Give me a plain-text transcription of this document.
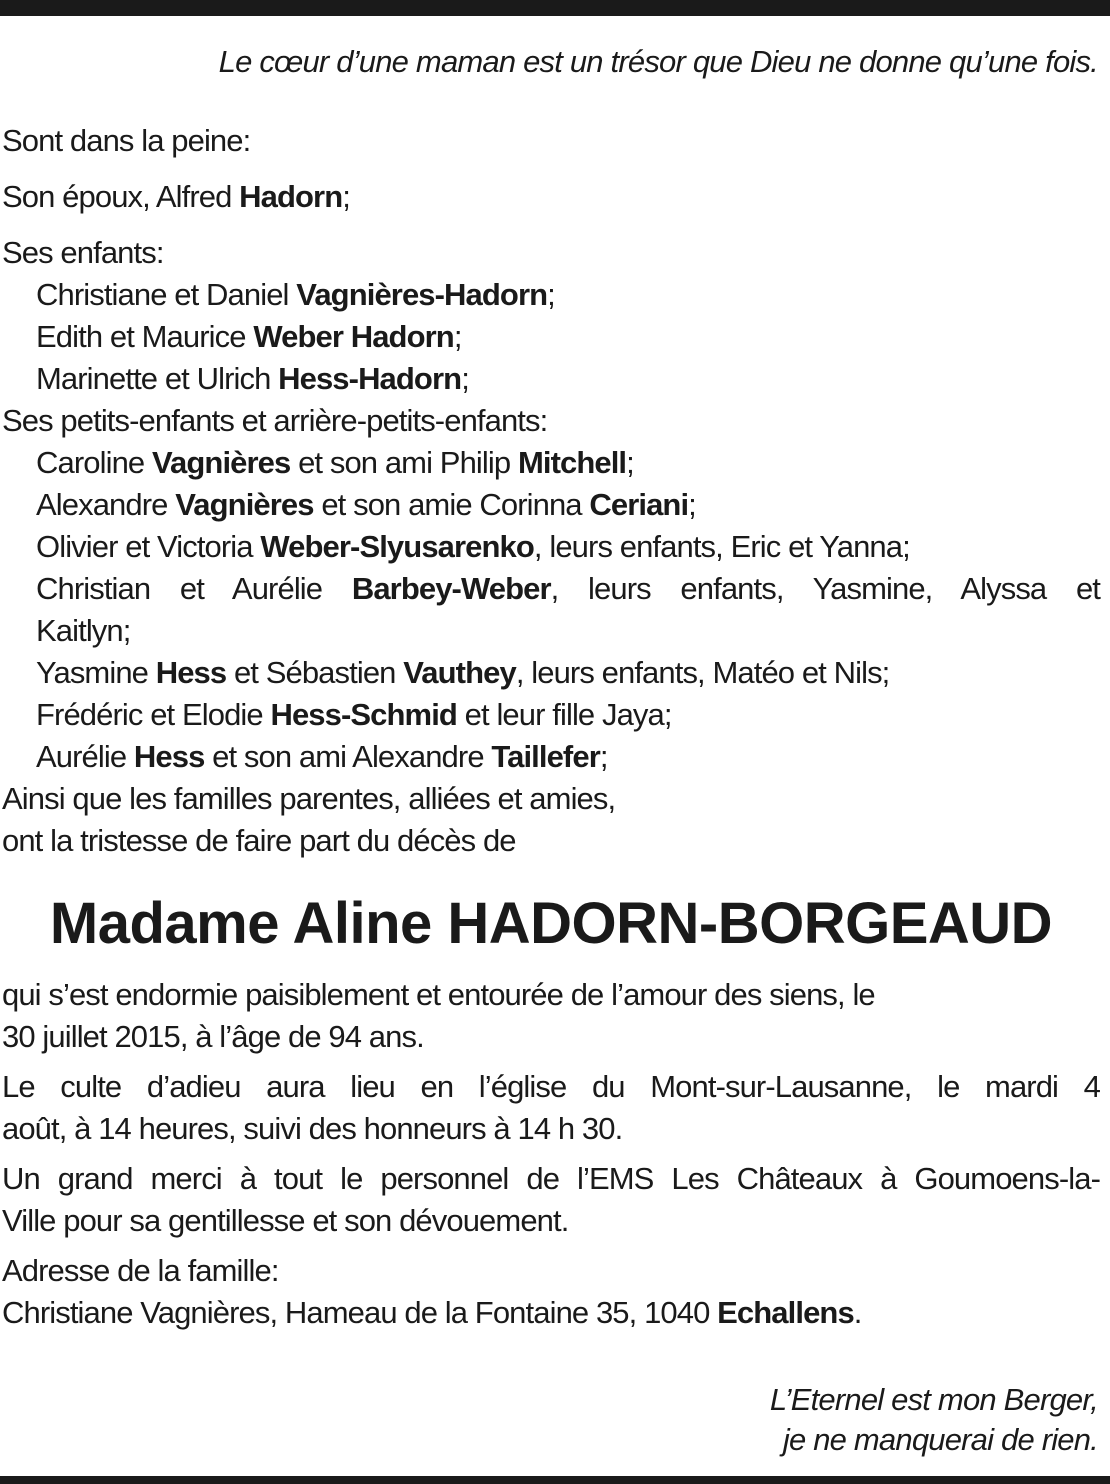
Le cœur d’une maman est un trésor que Dieu ne donne qu’une fois.
Sont dans la peine:
Son époux, Alfred Hadorn;
Ses enfants:
Christiane et Daniel Vagnières-Hadorn;
Edith et Maurice Weber Hadorn;
Marinette et Ulrich Hess-Hadorn;
Ses petits-enfants et arrière-petits-enfants:
Caroline Vagnières et son ami Philip Mitchell;
Alexandre Vagnières et son amie Corinna Ceriani;
Olivier et Victoria Weber-Slyusarenko, leurs enfants, Eric et Yanna;
Christian et Aurélie Barbey-Weber, leurs enfants, Yasmine, Alyssa et
Kaitlyn;
Yasmine Hess et Sébastien Vauthey, leurs enfants, Matéo et Nils;
Frédéric et Elodie Hess-Schmid et leur fille Jaya;
Aurélie Hess et son ami Alexandre Taillefer;
Ainsi que les familles parentes, alliées et amies,
ont la tristesse de faire part du décès de
Madame Aline HADORN-BORGEAUD
qui s’est endormie paisiblement et entourée de l’amour des siens, le
30 juillet 2015, à l’âge de 94 ans.
Le culte d’adieu aura lieu en l’église du Mont-sur-Lausanne, le mardi 4
août, à 14 heures, suivi des honneurs à 14 h 30.
Un grand merci à tout le personnel de l’EMS Les Châteaux à Goumoens-la-
Ville pour sa gentillesse et son dévouement.
Adresse de la famille:
Christiane Vagnières, Hameau de la Fontaine 35, 1040 Echallens.
L’Eternel est mon Berger,
je ne manquerai de rien.
